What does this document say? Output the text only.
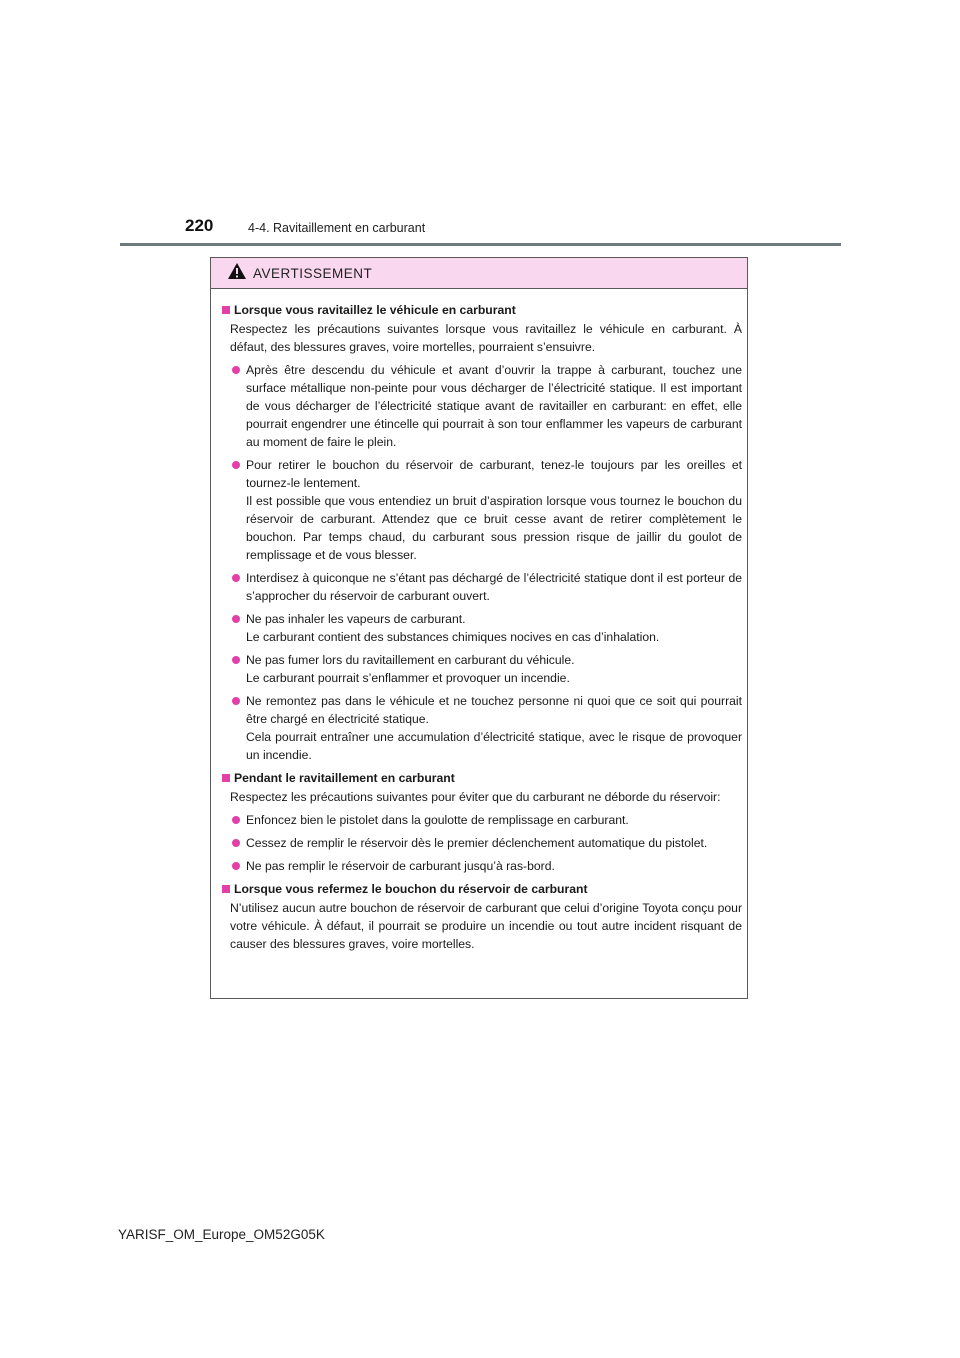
220	4-4. Ravitaillement en carburant
AVERTISSEMENT
Lorsque vous ravitaillez le véhicule en carburant
Respectez les précautions suivantes lorsque vous ravitaillez le véhicule en carburant. À défaut, des blessures graves, voire mortelles, pourraient s’ensuivre.

Après être descendu du véhicule et avant d’ouvrir la trappe à carburant, touchez une surface métallique non-peinte pour vous décharger de l’électricité statique. Il est important de vous décharger de l’électricité statique avant de ravitailler en carburant: en effet, elle pourrait engendrer une étincelle qui pourrait à son tour enflammer les vapeurs de carburant au moment de faire le plein.

Pour retirer le bouchon du réservoir de carburant, tenez-le toujours par les oreilles et tournez-le lentement.

Il est possible que vous entendiez un bruit d’aspiration lorsque vous tournez le bouchon du réservoir de carburant. Attendez que ce bruit cesse avant de retirer complètement le bouchon. Par temps chaud, du carburant sous pression risque de jaillir du goulot de remplissage et de vous blesser.

Interdisez à quiconque ne s’étant pas déchargé de l’électricité statique dont il est porteur de s’approcher du réservoir de carburant ouvert.

Ne pas inhaler les vapeurs de carburant.

Le carburant contient des substances chimiques nocives en cas d’inhalation.

Ne pas fumer lors du ravitaillement en carburant du véhicule.

Le carburant pourrait s’enflammer et provoquer un incendie.

Ne remontez pas dans le véhicule et ne touchez personne ni quoi que ce soit qui pourrait être chargé en électricité statique.

Cela pourrait entraîner une accumulation d’électricité statique, avec le risque de provoquer un incendie.

Pendant le ravitaillement en carburant
Respectez les précautions suivantes pour éviter que du carburant ne déborde du réservoir:

Enfoncez bien le pistolet dans la goulotte de remplissage en carburant.

Cessez de remplir le réservoir dès le premier déclenchement automatique du pistolet.

Ne pas remplir le réservoir de carburant jusqu’à ras-bord.

Lorsque vous refermez le bouchon du réservoir de carburant
N’utilisez aucun autre bouchon de réservoir de carburant que celui d’origine Toyota conçu pour votre véhicule. À défaut, il pourrait se produire un incendie ou tout autre incident risquant de causer des blessures graves, voire mortelles.
YARISF_OM_Europe_OM52G05K
